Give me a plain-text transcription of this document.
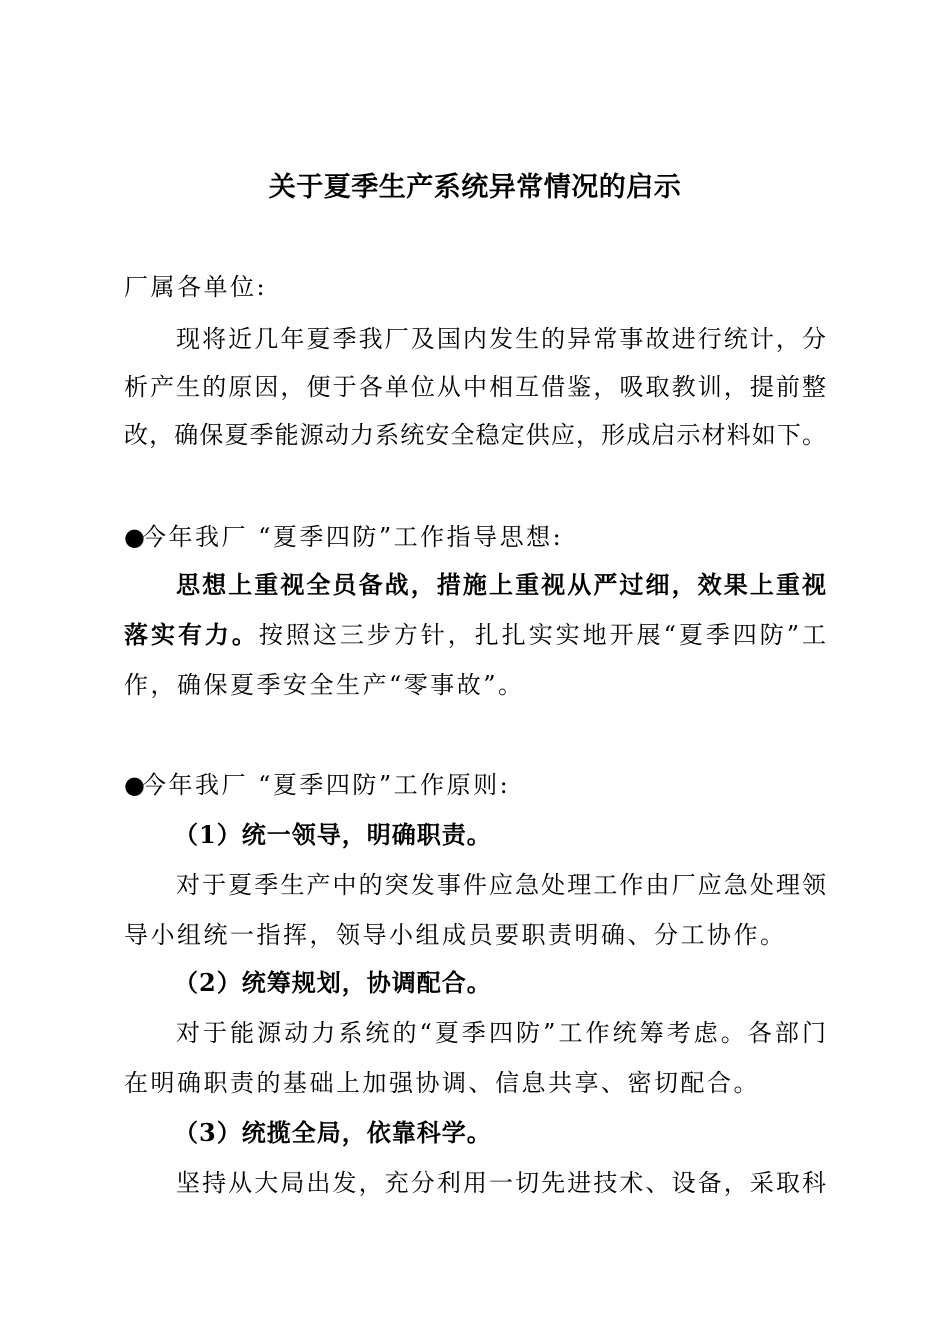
关于夏季生产系统异常情况的启示
厂属各单位:
现将近几年夏季我厂及国内发生的异常事故进行统计，分
析产生的原因，便于各单位从中相互借鉴，吸取教训，提前整
改，确保夏季能源动力系统安全稳定供应，形成启示材料如下。
●今年我厂 “夏季四防”工作指导思想:
思想上重视全员备战，措施上重视从严过细，效果上重视
落实有力。按照这三步方针，扎扎实实地开展“夏季四防”工
作，确保夏季安全生产“零事故”。
●今年我厂 “夏季四防”工作原则:
（1）统一领导，明确职责。
对于夏季生产中的突发事件应急处理工作由厂应急处理领
导小组统一指挥，领导小组成员要职责明确、分工协作。
（2）统筹规划，协调配合。
对于能源动力系统的“夏季四防”工作统筹考虑。各部门
在明确职责的基础上加强协调、信息共享、密切配合。
（3）统揽全局，依靠科学。
坚持从大局出发，充分利用一切先进技术、设备，采取科
